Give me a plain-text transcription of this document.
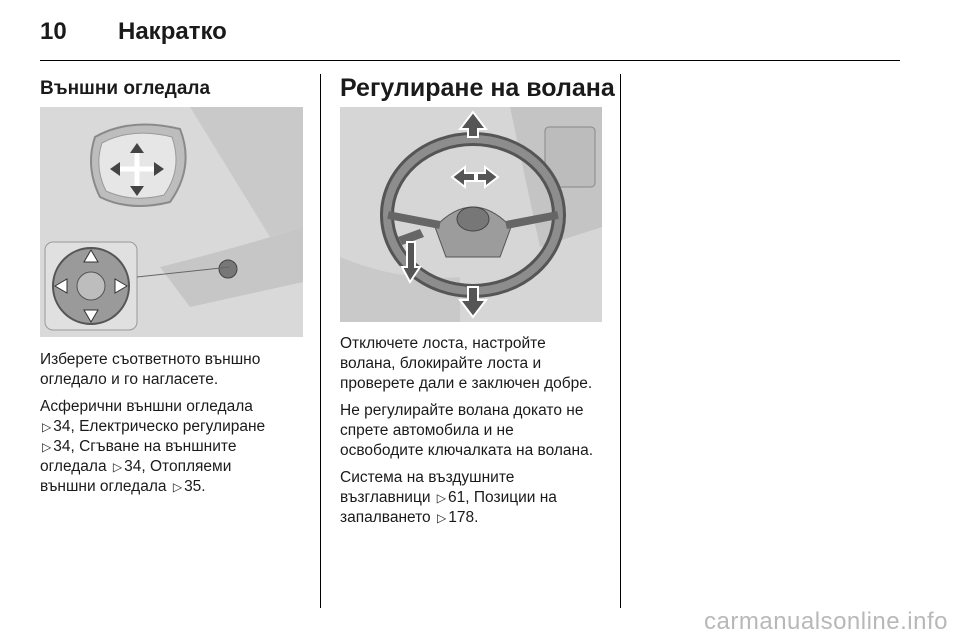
10 Накратко
Външни огледала

Изберете съответното външно
огледало и го нагласете.

Асферични външни огледала
▷ 34, Електрическо регулиране
▷ 34, Сгъване на външните
огледала ▷ 34, Отопляеми
външни огледала ▷ 35.

Регулиране на волана

Отключете лоста, настройте
волана, блокирайте лоста и
проверете дали е заключен добре.

Не регулирайте волана докато не
спрете автомобила и не
освободите ключалката на волана.

Система на въздушните
възглавници ▷ 61, Позиции на
запалването ▷ 178.

carmanualsonline.info
